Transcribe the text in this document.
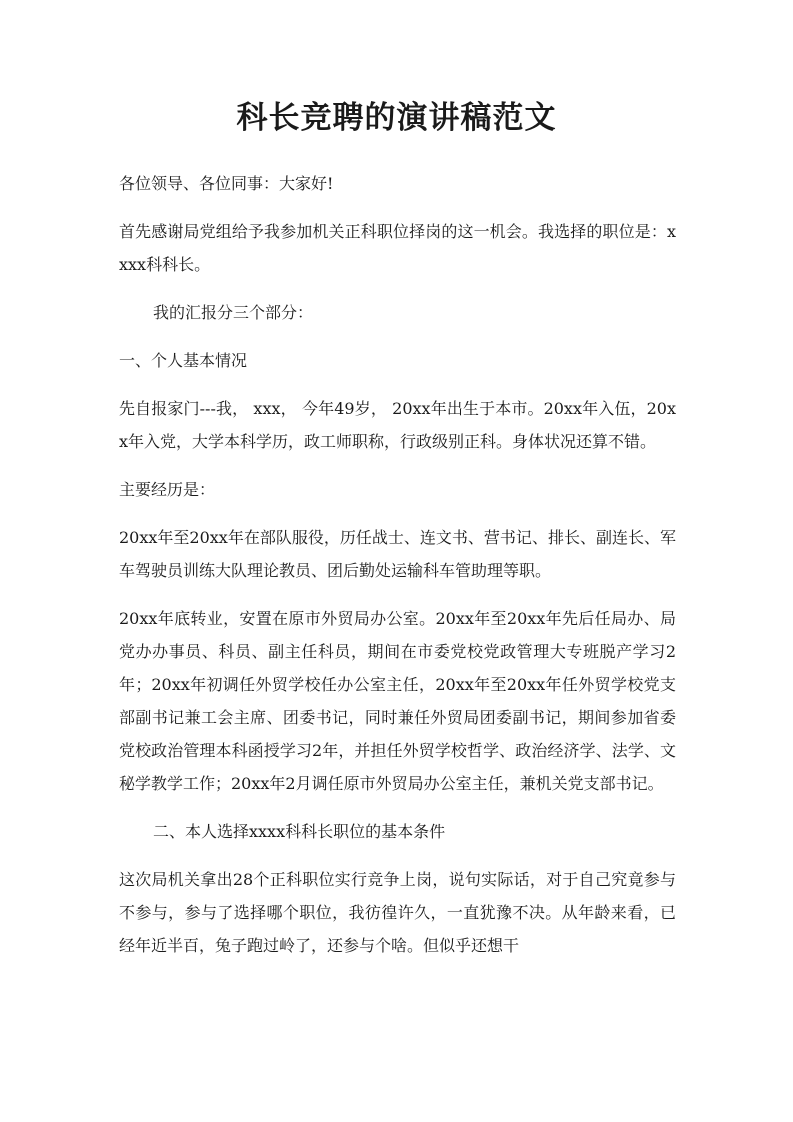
科长竞聘的演讲稿范文

各位领导、各位同事：大家好!

首先感谢局党组给予我参加机关正科职位择岗的这一机会。我选择的职位是：xxxx科科长。

我的汇报分三个部分：

一、个人基本情况

先自报家门---我， xxx， 今年49岁， 20xx年出生于本市。20xx年入伍，20xx年入党，大学本科学历，政工师职称，行政级别正科。身体状况还算不错。

主要经历是：

20xx年至20xx年在部队服役，历任战士、连文书、营书记、排长、副连长、军车驾驶员训练大队理论教员、团后勤处运输科车管助理等职。

20xx年底转业，安置在原市外贸局办公室。20xx年至20xx年先后任局办、局党办办事员、科员、副主任科员，期间在市委党校党政管理大专班脱产学习2年；20xx年初调任外贸学校任办公室主任，20xx年至20xx年任外贸学校党支部副书记兼工会主席、团委书记，同时兼任外贸局团委副书记，期间参加省委党校政治管理本科函授学习2年，并担任外贸学校哲学、政治经济学、法学、文秘学教学工作；20xx年2月调任原市外贸局办公室主任，兼机关党支部书记。

二、本人选择xxxx科科长职位的基本条件

这次局机关拿出28个正科职位实行竞争上岗，说句实际话，对于自己究竟参与不参与，参与了选择哪个职位，我彷徨许久，一直犹豫不决。从年龄来看，已经年近半百，兔子跑过岭了，还参与个啥。但似乎还想干
